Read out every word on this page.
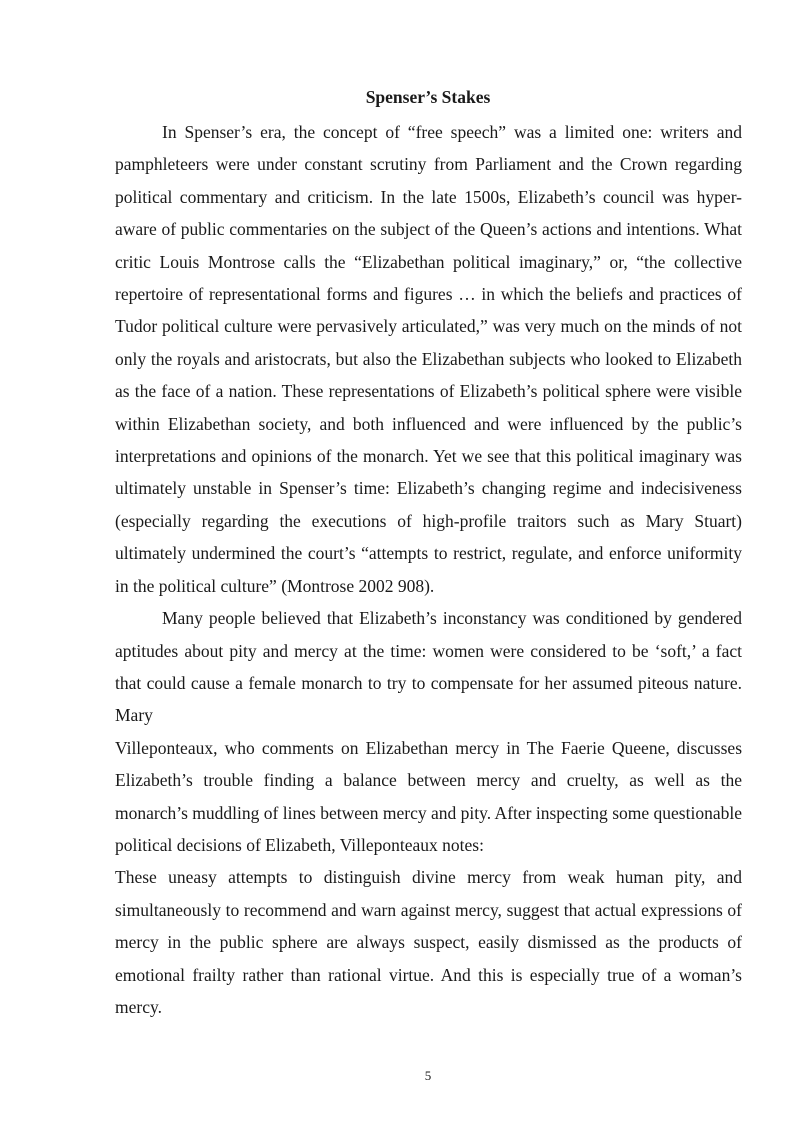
Spenser’s Stakes

In Spenser’s era, the concept of “free speech” was a limited one: writers and pamphleteers were under constant scrutiny from Parliament and the Crown regarding political commentary and criticism. In the late 1500s, Elizabeth’s council was hyper-aware of public commentaries on the subject of the Queen’s actions and intentions. What critic Louis Montrose calls the “Elizabethan political imaginary,” or, “the collective repertoire of representational forms and figures … in which the beliefs and practices of Tudor political culture were pervasively articulated,” was very much on the minds of not only the royals and aristocrats, but also the Elizabethan subjects who looked to Elizabeth as the face of a nation. These representations of Elizabeth’s political sphere were visible within Elizabethan society, and both influenced and were influenced by the public’s interpretations and opinions of the monarch. Yet we see that this political imaginary was ultimately unstable in Spenser’s time: Elizabeth’s changing regime and indecisiveness (especially regarding the executions of high-profile traitors such as Mary Stuart) ultimately undermined the court’s “attempts to restrict, regulate, and enforce uniformity in the political culture” (Montrose 2002 908).

Many people believed that Elizabeth’s inconstancy was conditioned by gendered aptitudes about pity and mercy at the time: women were considered to be ‘soft,’ a fact that could cause a female monarch to try to compensate for her assumed piteous nature. Mary

Villeponteaux, who comments on Elizabethan mercy in The Faerie Queene, discusses Elizabeth’s trouble finding a balance between mercy and cruelty, as well as the monarch’s muddling of lines between mercy and pity. After inspecting some questionable political decisions of Elizabeth, Villeponteaux notes:

These uneasy attempts to distinguish divine mercy from weak human pity, and simultaneously to recommend and warn against mercy, suggest that actual expressions of mercy in the public sphere are always suspect, easily dismissed as the products of emotional frailty rather than rational virtue. And this is especially true of a woman’s mercy.

5
